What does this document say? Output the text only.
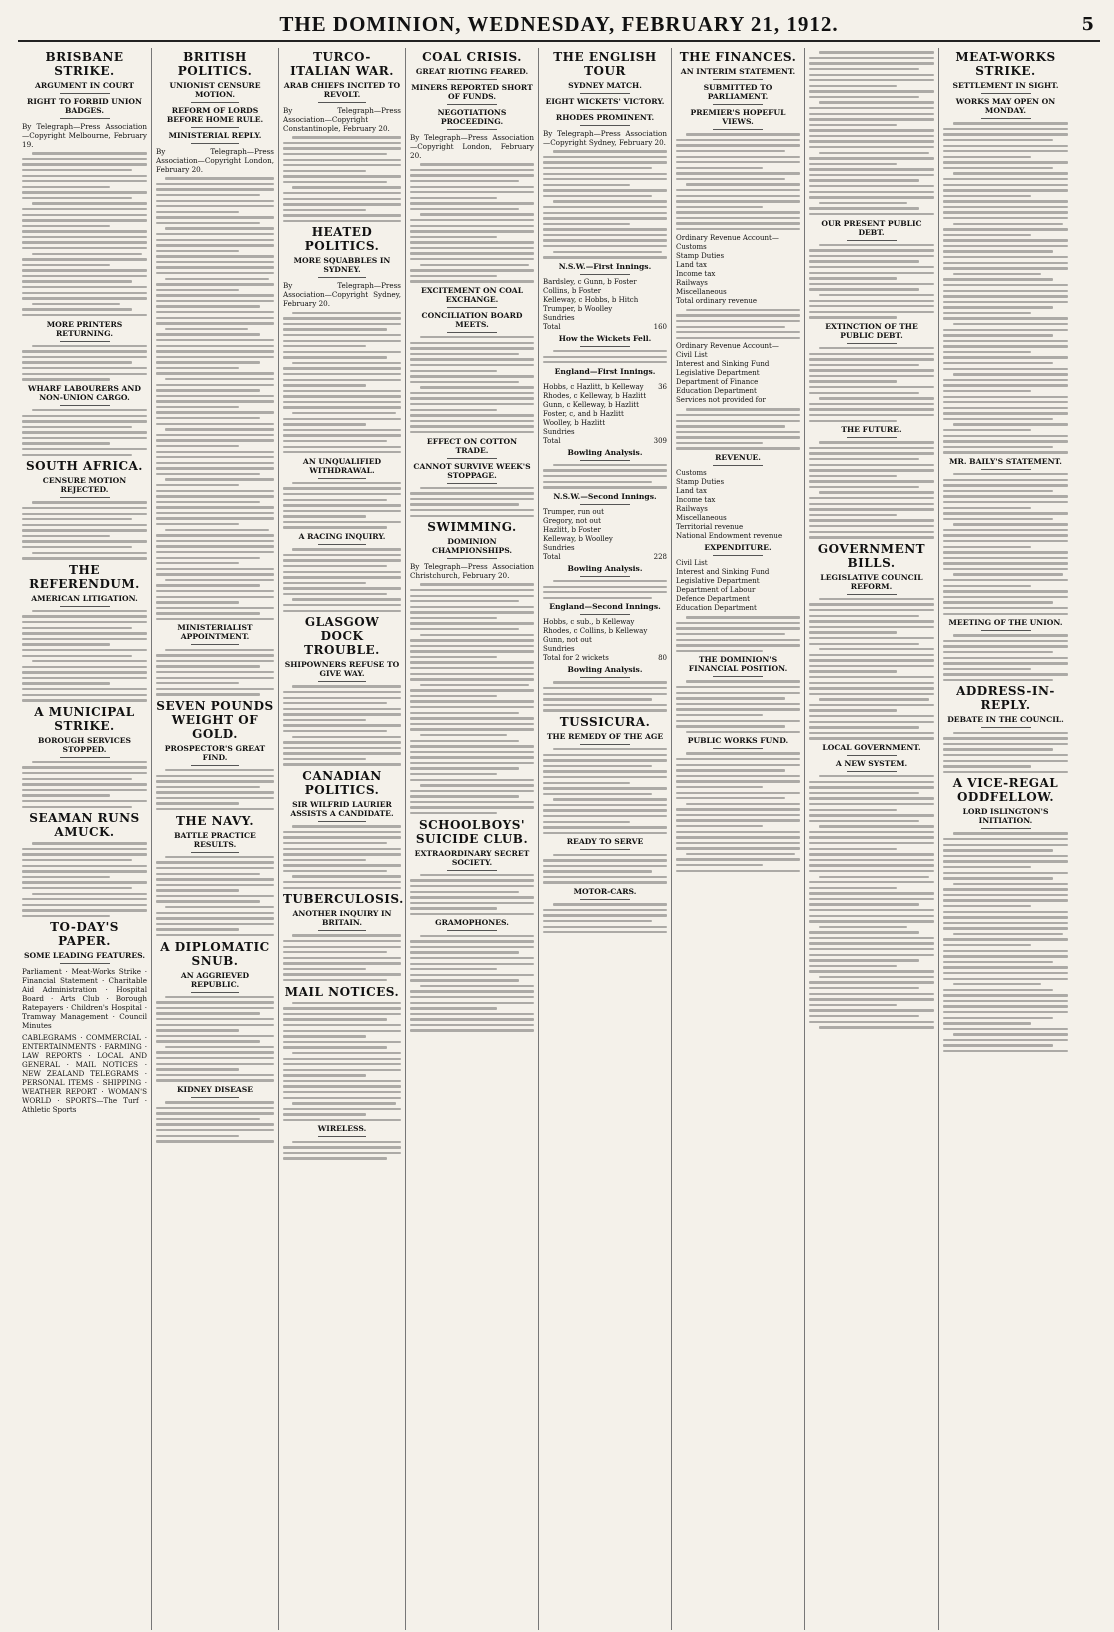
THE DOMINION, WEDNESDAY, FEBRUARY 21, 1912.	5
BRISBANE STRIKE.
ARGUMENT IN COURT
RIGHT TO FORBID UNION BADGES.
By Telegraph—Press Association—Copyright Melbourne, February 19.
MORE PRINTERS RETURNING.
WHARF LABOURERS AND NON-UNION CARGO.
SOUTH AFRICA.
CENSURE MOTION REJECTED.
THE REFERENDUM.
AMERICAN LITIGATION.
A MUNICIPAL STRIKE.
BOROUGH SERVICES STOPPED.
SEAMAN RUNS AMUCK.
TO-DAY'S PAPER.
SOME LEADING FEATURES.
Parliament · Meat-Works Strike · Financial Statement · Charitable Aid Administration · Hospital Board · Arts Club · Borough Ratepayers · Children's Hospital · Tramway Management · Council Minutes
CABLEGRAMS · COMMERCIAL · ENTERTAINMENTS · FARMING · LAW REPORTS · LOCAL AND GENERAL · MAIL NOTICES · NEW ZEALAND TELEGRAMS · PERSONAL ITEMS · SHIPPING · WEATHER REPORT · WOMAN'S WORLD · SPORTS—The Turf · Athletic Sports
BRITISH POLITICS.
UNIONIST CENSURE MOTION.
REFORM OF LORDS BEFORE HOME RULE.
MINISTERIAL REPLY.
By Telegraph—Press Association—Copyright London, February 20.
MINISTERIALIST APPOINTMENT.
SEVEN POUNDS WEIGHT OF GOLD.
PROSPECTOR'S GREAT FIND.
THE NAVY.
BATTLE PRACTICE RESULTS.
A DIPLOMATIC SNUB.
AN AGGRIEVED REPUBLIC.
KIDNEY DISEASE
TURCO-ITALIAN WAR.
ARAB CHIEFS INCITED TO REVOLT.
By Telegraph—Press Association—Copyright Constantinople, February 20.
HEATED POLITICS.
MORE SQUABBLES IN SYDNEY.
By Telegraph—Press Association—Copyright Sydney, February 20.
AN UNQUALIFIED WITHDRAWAL.
A RACING INQUIRY.
GLASGOW DOCK TROUBLE.
SHIPOWNERS REFUSE TO GIVE WAY.
CANADIAN POLITICS.
SIR WILFRID LAURIER ASSISTS A CANDIDATE.
TUBERCULOSIS.
ANOTHER INQUIRY IN BRITAIN.
MAIL NOTICES.
WIRELESS.
COAL CRISIS.
GREAT RIOTING FEARED.
MINERS REPORTED SHORT OF FUNDS.
NEGOTIATIONS PROCEEDING.
By Telegraph—Press Association—Copyright London, February 20.
EXCITEMENT ON COAL EXCHANGE.
CONCILIATION BOARD MEETS.
EFFECT ON COTTON TRADE.
CANNOT SURVIVE WEEK'S STOPPAGE.
SWIMMING.
DOMINION CHAMPIONSHIPS.
By Telegraph—Press Association Christchurch, February 20.
SCHOOLBOYS' SUICIDE CLUB.
EXTRAORDINARY SECRET SOCIETY.
GRAMOPHONES.
THE ENGLISH TOUR
SYDNEY MATCH.
EIGHT WICKETS' VICTORY.
RHODES PROMINENT.
By Telegraph—Press Association—Copyright Sydney, February 20.
N.S.W.—First Innings.
Bardsley, c Gunn, b Foster
Collins, b Foster
Kelleway, c Hobbs, b Hitch
Trumper, b Woolley
Sundries
Total	160
How the Wickets Fell.
England—First Innings.
Hobbs, c Hazlitt, b Kelleway 36
Rhodes, c Kelleway, b Hazlitt
Gunn, c Kelleway, b Hazlitt
Foster, c, and b Hazlitt
Woolley, b Hazlitt
Sundries
Total	309
Bowling Analysis.
N.S.W.—Second Innings.
Trumper, run out
Gregory, not out
Hazlitt, b Foster
Kelleway, b Woolley
Sundries
Total	228
Bowling Analysis.
England—Second Innings.
Hobbs, c sub., b Kelleway
Rhodes, c Collins, b Kelleway
Gunn, not out
Sundries
Total for 2 wickets	80
Bowling Analysis.
TUSSICURA.
THE REMEDY OF THE AGE
READY TO SERVE
MOTOR-CARS.
THE FINANCES.
AN INTERIM STATEMENT.
SUBMITTED TO PARLIAMENT.
PREMIER'S HOPEFUL VIEWS.
Ordinary Revenue Account—
Customs
Stamp Duties
Land tax
Income tax
Railways
Miscellaneous
Total ordinary revenue
Ordinary Revenue Account—
Civil List
Interest and Sinking Fund
Legislative Department
Department of Finance
Education Department
Services not provided for
REVENUE.
Customs
Stamp Duties
Land tax
Income tax
Railways
Miscellaneous
Territorial revenue
National Endowment revenue
EXPENDITURE.
Civil List
Interest and Sinking Fund
Legislative Department
Department of Labour
Defence Department
Education Department
THE DOMINION'S FINANCIAL POSITION.
PUBLIC WORKS FUND.
OUR PRESENT PUBLIC DEBT.
EXTINCTION OF THE PUBLIC DEBT.
THE FUTURE.
GOVERNMENT BILLS.
LEGISLATIVE COUNCIL REFORM.
LOCAL GOVERNMENT.
A NEW SYSTEM.
MEAT-WORKS STRIKE.
SETTLEMENT IN SIGHT.
WORKS MAY OPEN ON MONDAY.
MR. BAILY'S STATEMENT.
MEETING OF THE UNION.
ADDRESS-IN-REPLY.
DEBATE IN THE COUNCIL.
A VICE-REGAL ODDFELLOW.
LORD ISLINGTON'S INITIATION.
